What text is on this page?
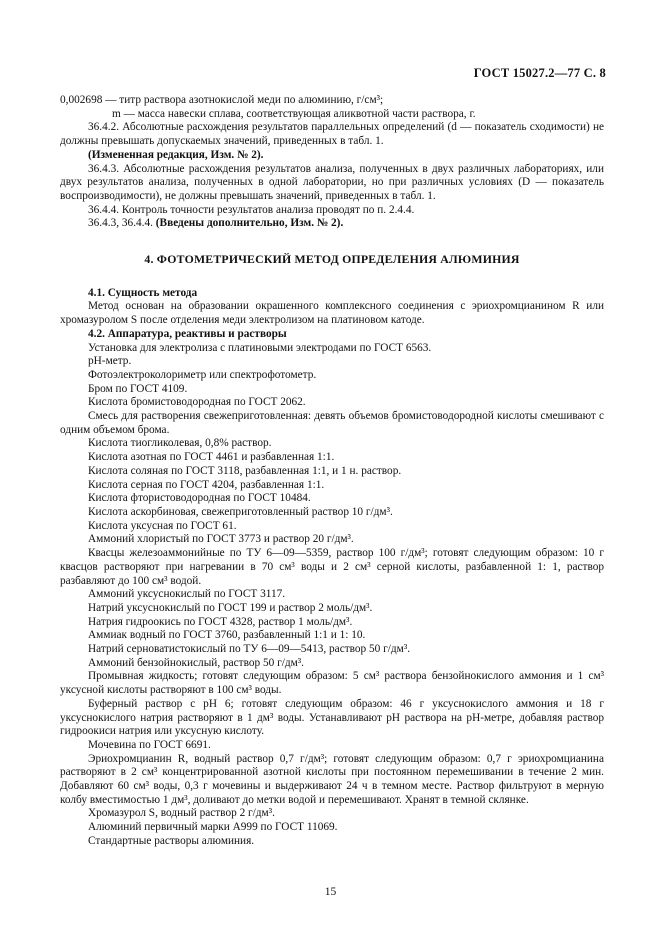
ГОСТ 15027.2—77 С. 8

0,002698 — титр раствора азотнокислой меди по алюминию, г/см³;

m — масса навески сплава, соответствующая аликвотной части раствора, г.

36.4.2. Абсолютные расхождения результатов параллельных определений (d — показатель сходимости) не должны превышать допускаемых значений, приведенных в табл. 1.

(Измененная редакция, Изм. № 2).

36.4.3. Абсолютные расхождения результатов анализа, полученных в двух различных лабораториях, или двух результатов анализа, полученных в одной лаборатории, но при различных условиях (D — показатель воспроизводимости), не должны превышать значений, приведенных в табл. 1.

36.4.4. Контроль точности результатов анализа проводят по п. 2.4.4.

36.4.3, 36.4.4. (Введены дополнительно, Изм. № 2).

4. ФОТОМЕТРИЧЕСКИЙ МЕТОД ОПРЕДЕЛЕНИЯ АЛЮМИНИЯ

4.1. Сущность метода

Метод основан на образовании окрашенного комплексного соединения с эриохромцианином R или хромазуролом S после отделения меди электролизом на платиновом катоде.

4.2. Аппаратура, реактивы и растворы

Установка для электролиза с платиновыми электродами по ГОСТ 6563.

pH-метр.

Фотоэлектроколориметр или спектрофотометр.

Бром по ГОСТ 4109.

Кислота бромистоводородная по ГОСТ 2062.

Смесь для растворения свежеприготовленная: девять объемов бромистоводородной кислоты смешивают с одним объемом брома.

Кислота тиогликолевая, 0,8% раствор.

Кислота азотная по ГОСТ 4461 и разбавленная 1:1.

Кислота соляная по ГОСТ 3118, разбавленная 1:1, и 1 н. раствор.

Кислота серная по ГОСТ 4204, разбавленная 1:1.

Кислота фтористоводородная по ГОСТ 10484.

Кислота аскорбиновая, свежеприготовленный раствор 10 г/дм³.

Кислота уксусная по ГОСТ 61.

Аммоний хлористый по ГОСТ 3773 и раствор 20 г/дм³.

Квасцы железоаммонийные по ТУ 6—09—5359, раствор 100 г/дм³; готовят следующим образом: 10 г квасцов растворяют при нагревании в 70 см³ воды и 2 см³ серной кислоты, разбавленной 1: 1, раствор разбавляют до 100 см³ водой.

Аммоний уксуснокислый по ГОСТ 3117.

Натрий уксуснокислый по ГОСТ 199 и раствор 2 моль/дм³.

Натрия гидроокись по ГОСТ 4328, раствор 1 моль/дм³.

Аммиак водный по ГОСТ 3760, разбавленный 1:1 и 1: 10.

Натрий серноватистокислый по ТУ 6—09—5413, раствор 50 г/дм³.

Аммоний бензойнокислый, раствор 50 г/дм³.

Промывная жидкость; готовят следующим образом: 5 см³ раствора бензойнокислого аммония и 1 см³ уксусной кислоты растворяют в 100 см³ воды.

Буферный раствор с pH 6; готовят следующим образом: 46 г уксуснокислого аммония и 18 г уксуснокислого натрия растворяют в 1 дм³ воды. Устанавливают pH раствора на pH-метре, добавляя раствор гидроокиси натрия или уксусную кислоту.

Мочевина по ГОСТ 6691.

Эриохромцианин R, водный раствор 0,7 г/дм³; готовят следующим образом: 0,7 г эриохромцианина растворяют в 2 см³ концентрированной азотной кислоты при постоянном перемешивании в течение 2 мин. Добавляют 60 см³ воды, 0,3 г мочевины и выдерживают 24 ч в темном месте. Раствор фильтруют в мерную колбу вместимостью 1 дм³, доливают до метки водой и перемешивают. Хранят в темной склянке.

Хромазурол S, водный раствор 2 г/дм³.

Алюминий первичный марки А999 по ГОСТ 11069.

Стандартные растворы алюминия.

15
